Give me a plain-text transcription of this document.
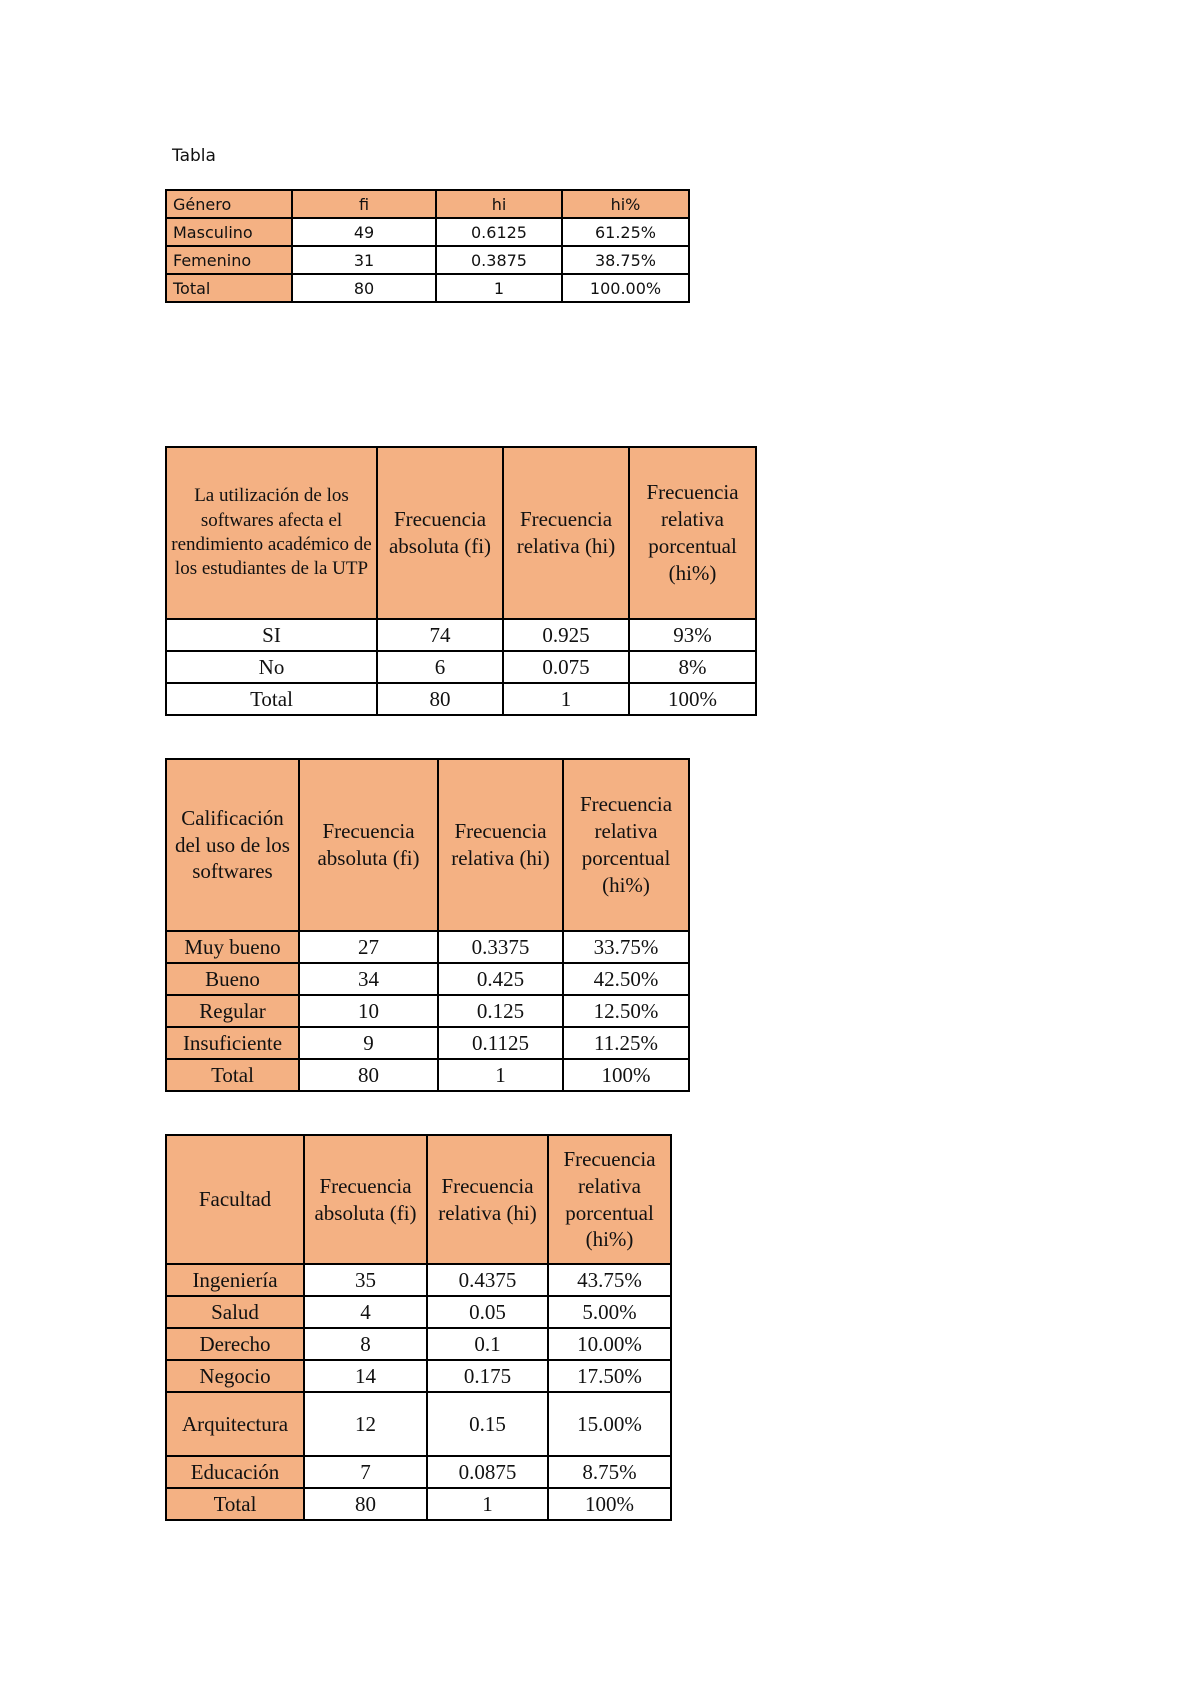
Tabla
Género	fi	hi	hi%
Masculino	49	0.6125	61.25%
Femenino	31	0.3875	38.75%
Total	80	1	100.00%
La utilización de los softwares afecta el rendimiento académico de los estudiantes de la UTP	Frecuencia absoluta (fi)	Frecuencia relativa (hi)	Frecuencia relativa porcentual (hi%)
SI	74	0.925	93%
No	6	0.075	8%
Total	80	1	100%
Calificación del uso de los softwares	Frecuencia absoluta (fi)	Frecuencia relativa (hi)	Frecuencia relativa porcentual (hi%)
Muy bueno	27	0.3375	33.75%
Bueno	34	0.425	42.50%
Regular	10	0.125	12.50%
Insuficiente	9	0.1125	11.25%
Total	80	1	100%
Facultad	Frecuencia absoluta (fi)	Frecuencia relativa (hi)	Frecuencia relativa porcentual (hi%)
Ingeniería	35	0.4375	43.75%
Salud	4	0.05	5.00%
Derecho	8	0.1	10.00%
Negocio	14	0.175	17.50%
Arquitectura	12	0.15	15.00%
Educación	7	0.0875	8.75%
Total	80	1	100%
